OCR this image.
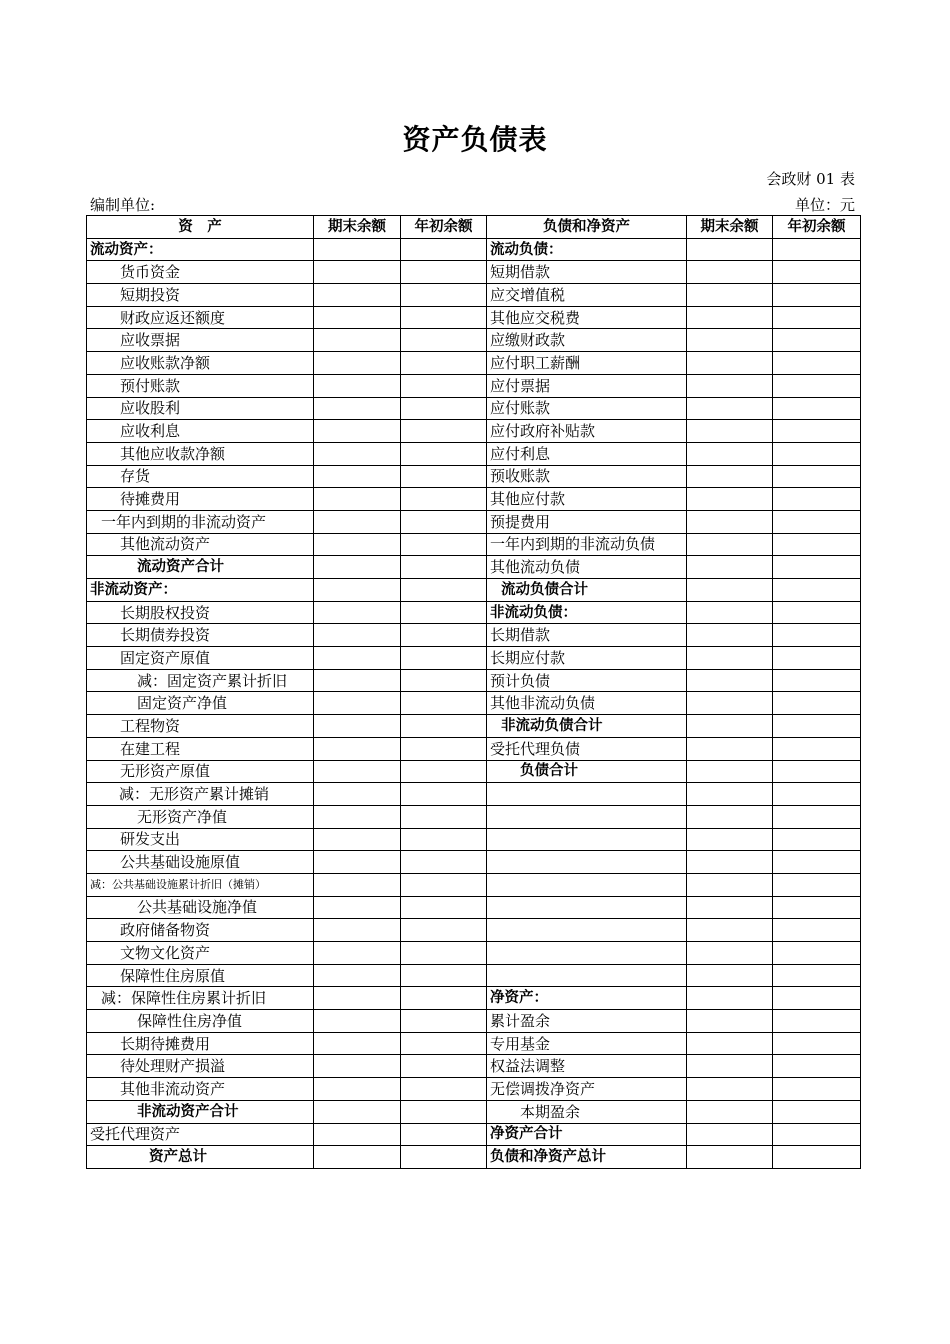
资产负债表
会政财 01 表
编制单位:	单位：元
资　产	期末余额	年初余额	负债和净资产	期末余额	年初余额
流动资产：			流动负债：		
货币资金			短期借款		
短期投资			应交增值税		
财政应返还额度			其他应交税费		
应收票据			应缴财政款		
应收账款净额			应付职工薪酬		
预付账款			应付票据		
应收股利			应付账款		
应收利息			应付政府补贴款		
其他应收款净额			应付利息		
存货			预收账款		
待摊费用			其他应付款		
一年内到期的非流动资产			预提费用		
其他流动资产			一年内到期的非流动负债		
流动资产合计			其他流动负债		
非流动资产：			流动负债合计		
长期股权投资			非流动负债：		
长期债券投资			长期借款		
固定资产原值			长期应付款		
减：固定资产累计折旧			预计负债		
固定资产净值			其他非流动负债		
工程物资			非流动负债合计		
在建工程			受托代理负债		
无形资产原值			负债合计		
减：无形资产累计摊销					
无形资产净值					
研发支出					
公共基础设施原值					
减：公共基础设施累计折旧（摊销）					
公共基础设施净值					
政府储备物资					
文物文化资产					
保障性住房原值					
减：保障性住房累计折旧			净资产：		
保障性住房净值			累计盈余		
长期待摊费用			专用基金		
待处理财产损溢			权益法调整		
其他非流动资产			无偿调拨净资产		
非流动资产合计			本期盈余		
受托代理资产			净资产合计		
资产总计			负债和净资产总计		
